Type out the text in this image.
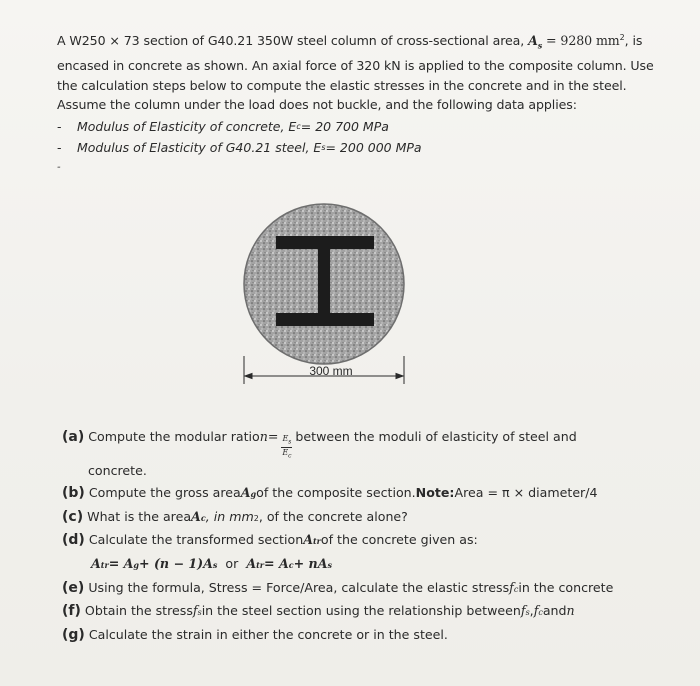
A W250 × 73 section of G40.21 350W steel column of cross-sectional area, $A_s = 9280$ $mm^2$, is

encased in concrete as shown. An axial force of 320 kN is applied to the composite column. Use

the calculation steps below to compute the elastic stresses in the concrete and in the steel.

Assume the column under the load does not buckle, and the following data applies:

-	Modulus of Elasticity of concrete, E c = 20 700 MPa
-	Modulus of Elasticity of G40.21 steel, E s = 200 000 MPa
-
300 mm
(a)
Compute the modular ratio $n = \frac{E_s}{E_c}$ between the moduli of elasticity of steel and
concrete.
(b)
Compute the gross area A g of the composite section. Note: Area = π × diameter/4
(c)
What is the area A c , in mm 2 , of the concrete alone?
(d)
Calculate the transformed section A tr of the concrete given as:
A tr = A g + (n − 1)A s or A tr = A c + nA s
(e)
Using the formula, Stress = Force/Area, calculate the elastic stress f c in the concrete
(f)
Obtain the stress f s in the steel section using the relationship between f s , f c and n
(g)
Calculate the strain in either the concrete or in the steel.
